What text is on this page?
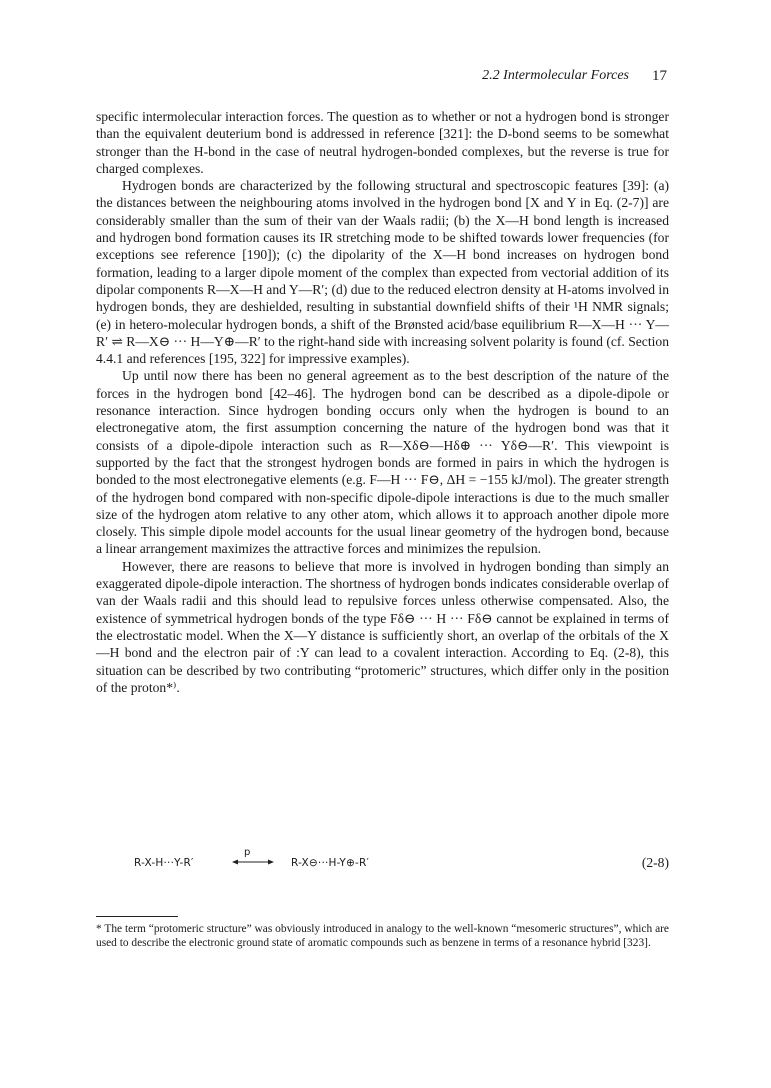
2.2 Intermolecular Forces 17

specific intermolecular interaction forces. The question as to whether or not a hydrogen bond is stronger than the equivalent deuterium bond is addressed in reference [321]: the D-bond seems to be somewhat stronger than the H-bond in the case of neutral hydrogen-bonded complexes, but the reverse is true for charged complexes.

Hydrogen bonds are characterized by the following structural and spectroscopic features [39]: (a) the distances between the neighbouring atoms involved in the hydrogen bond [X and Y in Eq. (2-7)] are considerably smaller than the sum of their van der Waals radii; (b) the X—H bond length is increased and hydrogen bond formation causes its IR stretching mode to be shifted towards lower frequencies (for exceptions see reference [190]); (c) the dipolarity of the X—H bond increases on hydrogen bond formation, leading to a larger dipole moment of the complex than expected from vectorial addition of its dipolar components R—X—H and Y—R′; (d) due to the reduced electron density at H-atoms involved in hydrogen bonds, they are deshielded, resulting in substantial downfield shifts of their ¹H NMR signals; (e) in hetero-molecular hydrogen bonds, a shift of the Brønsted acid/base equilibrium R—X—H ··· Y—R′ ⇌ R—X⊖ ··· H—Y⊕—R′ to the right-hand side with increasing solvent polarity is found (cf. Section 4.4.1 and references [195, 322] for impressive examples).

Up until now there has been no general agreement as to the best description of the nature of the forces in the hydrogen bond [42–46]. The hydrogen bond can be described as a dipole-dipole or resonance interaction. Since hydrogen bonding occurs only when the hydrogen is bound to an electronegative atom, the first assumption concerning the nature of the hydrogen bond was that it consists of a dipole-dipole interaction such as R—Xδ⊖—Hδ⊕ ··· Yδ⊖—R′. This viewpoint is supported by the fact that the strongest hydrogen bonds are formed in pairs in which the hydrogen is bonded to the most electronegative elements (e.g. F—H ··· F⊖, ΔH = −155 kJ/mol). The greater strength of the hydrogen bond compared with non-specific dipole-dipole interactions is due to the much smaller size of the hydrogen atom relative to any other atom, which allows it to approach another dipole more closely. This simple dipole model accounts for the usual linear geometry of the hydrogen bond, because a linear arrangement maximizes the attractive forces and minimizes the repulsion.

However, there are reasons to believe that more is involved in hydrogen bonding than simply an exaggerated dipole-dipole interaction. The shortness of hydrogen bonds indicates considerable overlap of van der Waals radii and this should lead to repulsive forces unless otherwise compensated. Also, the existence of symmetrical hydrogen bonds of the type Fδ⊖ ··· H ··· Fδ⊖ cannot be explained in terms of the electrostatic model. When the X—Y distance is sufficiently short, an overlap of the orbitals of the X—H bond and the electron pair of :Y can lead to a covalent interaction. According to Eq. (2-8), this situation can be described by two contributing “protomeric” structures, which differ only in the position of the proton*⁾.

R-X-H···Y-R′
p
R-X⊖···H-Y⊕-R′	(2-8)

* The term “protomeric structure” was obviously introduced in analogy to the well-known “mesomeric structures”, which are used to describe the electronic ground state of aromatic compounds such as benzene in terms of a resonance hybrid [323].
